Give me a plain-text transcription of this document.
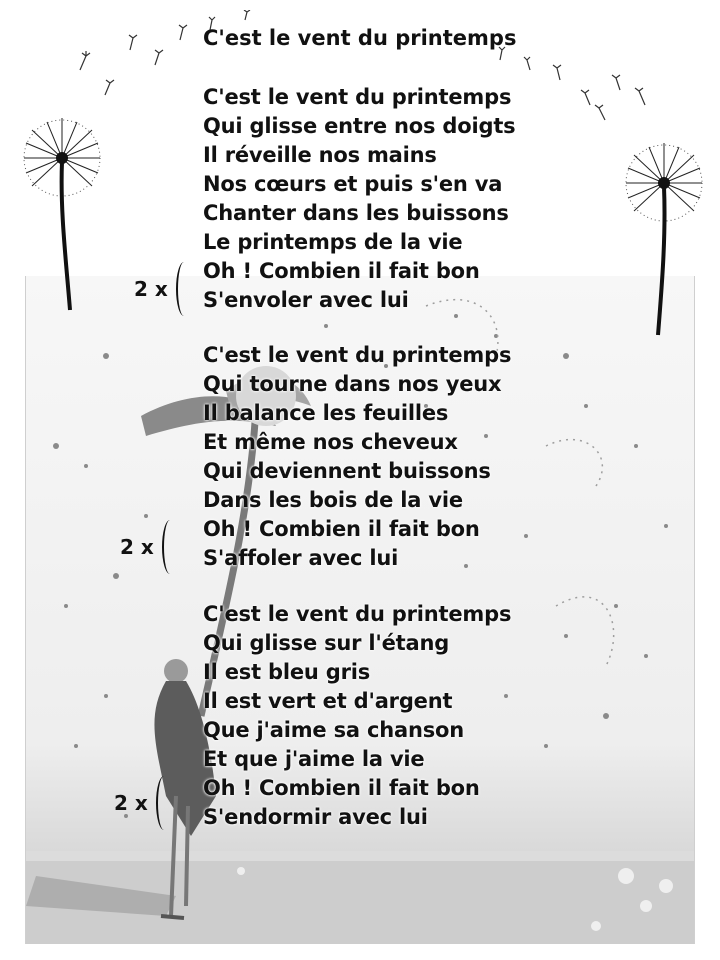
C'est le vent du printemps
C'est le vent du printemps
Qui glisse entre nos doigts
Il réveille nos mains
Nos cœurs et puis s'en va
Chanter dans les buissons
Le printemps de la vie
Oh ! Combien il fait bon
S'envoler avec lui
2 x
C'est le vent du printemps
Qui tourne dans nos yeux
Il balance les feuilles
Et même nos cheveux
Qui deviennent buissons
Dans les bois de la vie
Oh ! Combien il fait bon
S'affoler avec lui
2 x
C'est le vent du printemps
Qui glisse sur l'étang
Il est bleu gris
Il est vert et d'argent
Que j'aime sa chanson
Et que j'aime la vie
Oh ! Combien il fait bon
S'endormir avec lui
2 x
